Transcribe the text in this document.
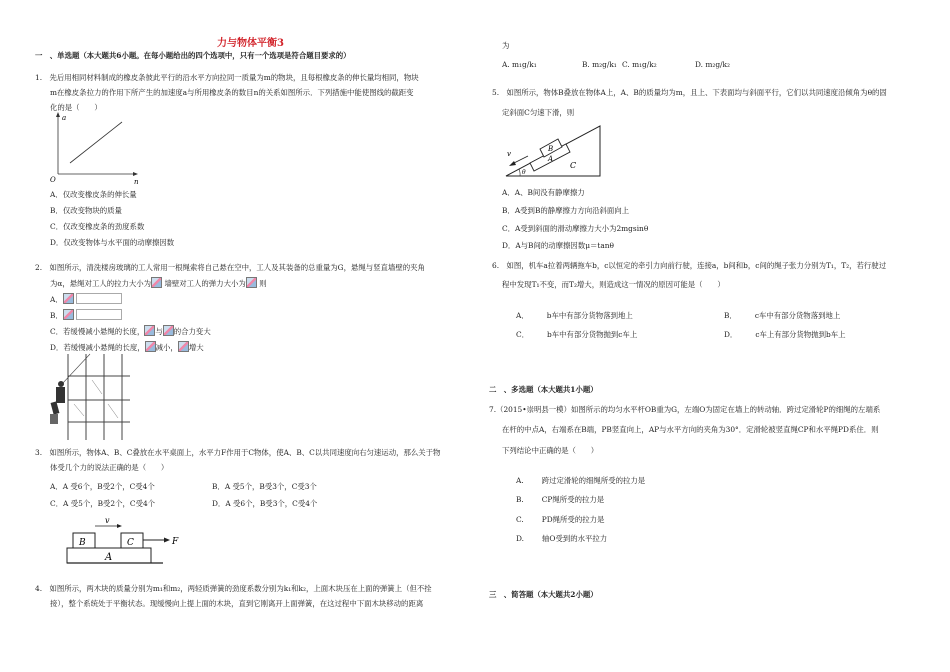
力与物体平衡3
一　、单选题（本大题共6小题。在每小题给出的四个选项中，只有一个选项是符合题目要求的）
1.　先后用相同材料制成的橡皮条彼此平行的沿水平方向拉同一质量为m的物块，且每根橡皮条的伸长量均相同，物块
m在橡皮条拉力的作用下所产生的加速度a与所用橡皮条的数目n的关系如图所示．下列措施中能使图线的截距变
化的是（　　）
a
O	n
A．仅改变橡皮条的伸长量
B．仅改变物块的质量
C．仅改变橡皮条的劲度系数
D．仅改变物体与水平面的动摩擦因数
2.　如图所示，清洗楼房玻璃的工人常用一根绳索将自己悬在空中，工人及其装备的总重量为G，悬绳与竖直墙壁的夹角
为α，悬绳对工人的拉力大小为 墙壁对工人的弹力大小为 则
A．
B．
C．若缓慢减小悬绳的长度， 与 的合力变大
D．若缓慢减小悬绳的长度， 减小， 增大
3.　如图所示，物体A、B、C叠放在水平桌面上，水平力F作用于C物体，使A、B、C以共同速度向右匀速运动，那么关于物
体受几个力的说法正确的是（　　）
A．A 受6个，B受2个，C受4个	B．A 受5个，B受3个，C受3个
C．A 受5个，B受2个，C受4个	D．A 受6个，B受3个，C受4个
v
B	C	F
A
4.　如图所示，两木块的质量分别为m₁和m₂，两轻质弹簧的劲度系数分别为k₁和k₂，上面木块压在上面的弹簧上（但不拴
接），整个系统处于平衡状态。现缓慢向上提上面的木块，直到它刚离开上面弹簧，在这过程中下面木块移动的距离
为
A. m₁g/k₁	B. m₂g/k₁ C. m₁g/k₂	D. m₂g/k₂
5.　如图所示，物体B叠放在物体A上，A、B的质量均为m，且上、下表面均与斜面平行，它们以共同速度沿倾角为θ的固
定斜面C匀速下滑，则
B
A
C
v
θ
A．A、B间没有静摩擦力
B．A受到B的静摩擦力方向沿斜面向上
C．A受到斜面的滑动摩擦力大小为2mgsinθ
D．A与B间的动摩擦因数μ＝tanθ
6.　如图，机车a拉着两辆拖车b，c以恒定的牵引力向前行驶，连接a，b间和b，c间的绳子张力分别为T₁，T₂，若行驶过
程中发现T₁不变，而T₂增大，则造成这一情况的原因可能是（　　）
A． b车中有部分货物落到地上	B． c车中有部分货物落到地上
C． b车中有部分货物抛到c车上	D． c车上有部分货物抛到b车上
二　、多选题（本大题共1小题）
7.（2015•崇明县一模）如图所示的均匀水平杆OB重为G，左端O为固定在墙上的转动轴．跨过定滑轮P的细绳的左端系
在杆的中点A，右端系在B端，PB竖直向上，AP与水平方向的夹角为30°．定滑轮被竖直绳CP和水平绳PD系住．则
下列结论中正确的是（　　）
A. 跨过定滑轮的细绳所受的拉力是
B. CP绳所受的拉力是
C. PD绳所受的拉力是
D. 轴O受到的水平拉力
三　、简答题（本大题共2小题）
